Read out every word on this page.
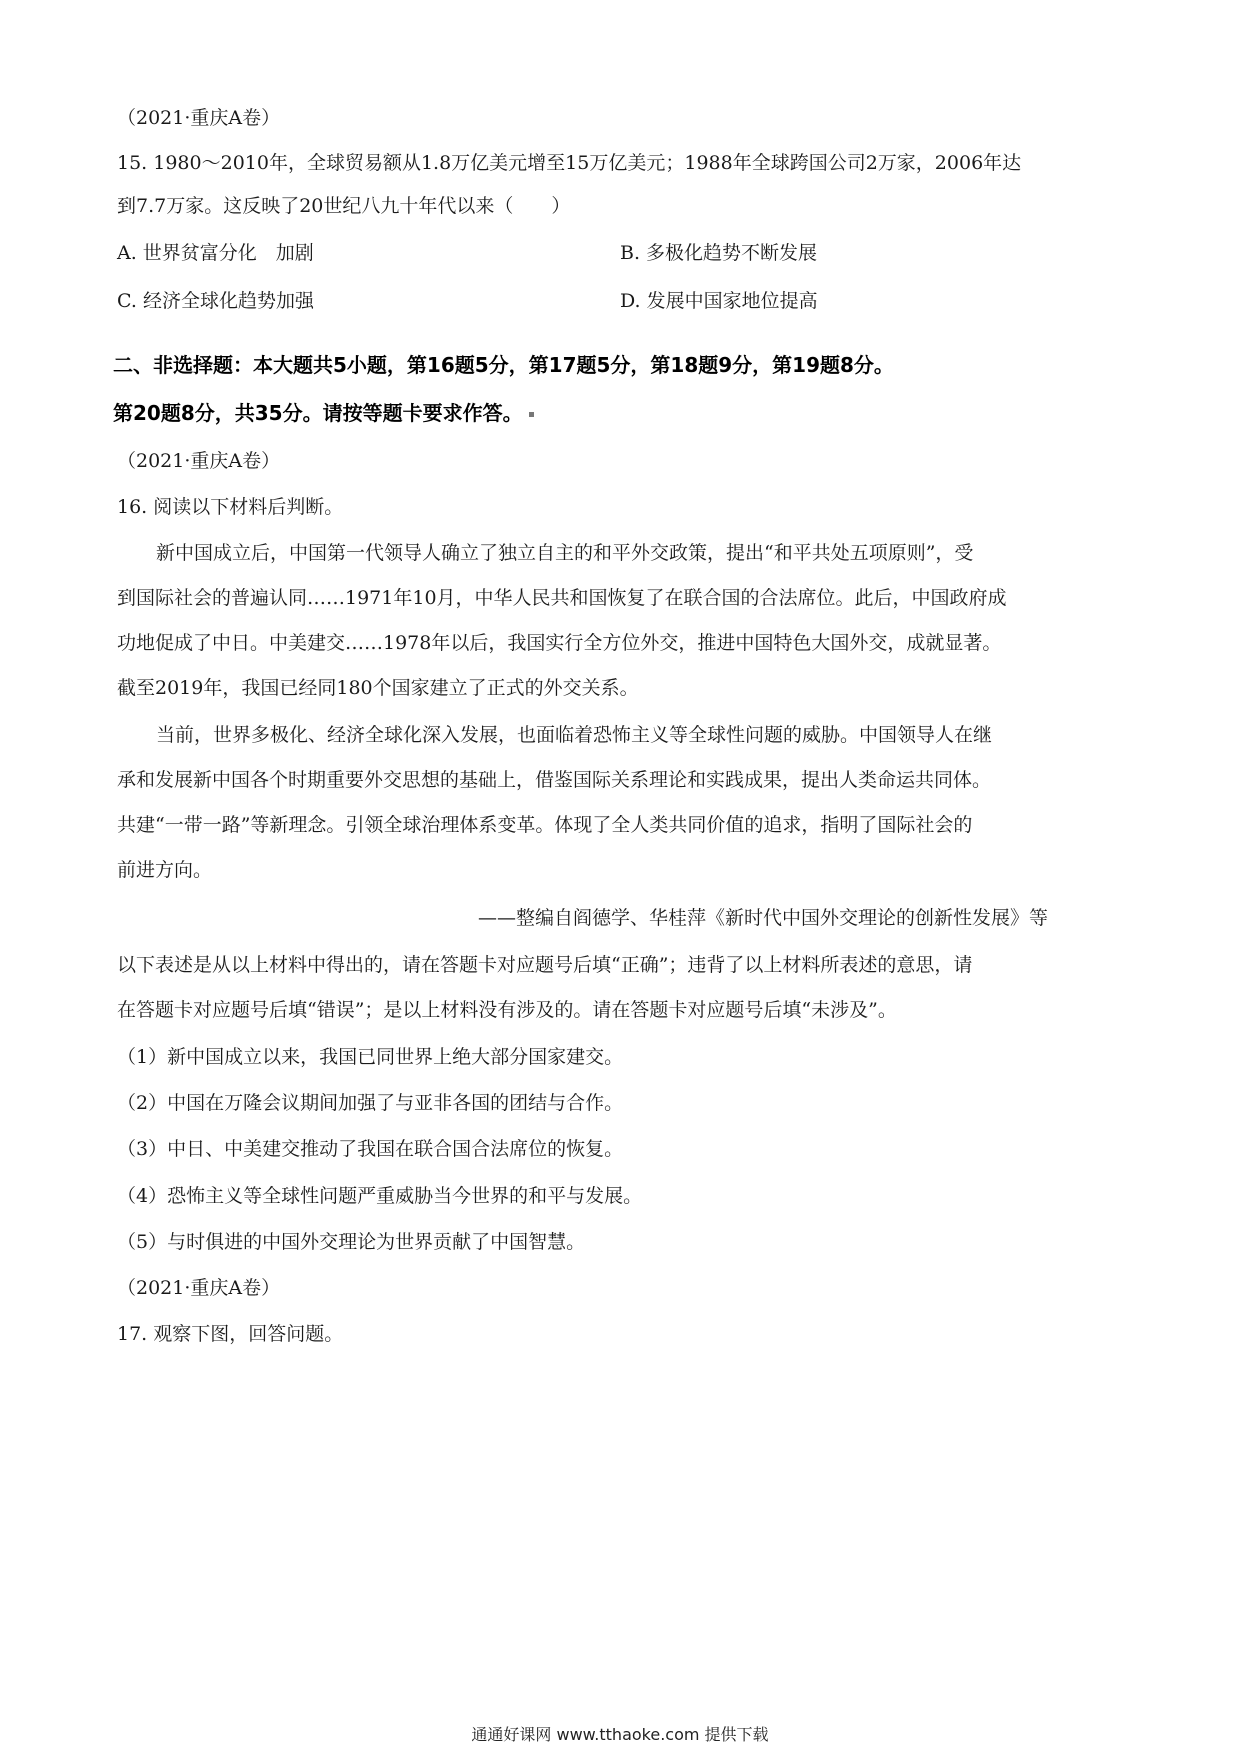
（2021·重庆A卷）
15. 1980～2010年，全球贸易额从1.8万亿美元增至15万亿美元；1988年全球跨国公司2万家，2006年达
到7.7万家。这反映了20世纪八九十年代以来（　　）
A. 世界贫富分化　加剧	B. 多极化趋势不断发展
C. 经济全球化趋势加强	D. 发展中国家地位提高
二、非选择题：本大题共5小题，第16题5分，第17题5分，第18题9分，第19题8分。
第20题8分，共35分。请按等题卡要求作答。
（2021·重庆A卷）
16. 阅读以下材料后判断。
新中国成立后，中国第一代领导人确立了独立自主的和平外交政策，提出“和平共处五项原则”，受
到国际社会的普遍认同……1971年10月，中华人民共和国恢复了在联合国的合法席位。此后，中国政府成
功地促成了中日。中美建交……1978年以后，我国实行全方位外交，推进中国特色大国外交，成就显著。
截至2019年，我国已经同180个国家建立了正式的外交关系。
当前，世界多极化、经济全球化深入发展，也面临着恐怖主义等全球性问题的威胁。中国领导人在继
承和发展新中国各个时期重要外交思想的基础上，借鉴国际关系理论和实践成果，提出人类命运共同体。
共建“一带一路”等新理念。引领全球治理体系变革。体现了全人类共同价值的追求，指明了国际社会的
前进方向。
——整编自阎德学、华桂萍《新时代中国外交理论的创新性发展》等
以下表述是从以上材料中得出的，请在答题卡对应题号后填“正确”；违背了以上材料所表述的意思，请
在答题卡对应题号后填“错误”；是以上材料没有涉及的。请在答题卡对应题号后填“未涉及”。
（1）新中国成立以来，我国已同世界上绝大部分国家建交。
（2）中国在万隆会议期间加强了与亚非各国的团结与合作。
（3）中日、中美建交推动了我国在联合国合法席位的恢复。
（4）恐怖主义等全球性问题严重威胁当今世界的和平与发展。
（5）与时俱进的中国外交理论为世界贡献了中国智慧。
（2021·重庆A卷）
17. 观察下图，回答问题。
通通好课网 www.tthaoke.com 提供下载
